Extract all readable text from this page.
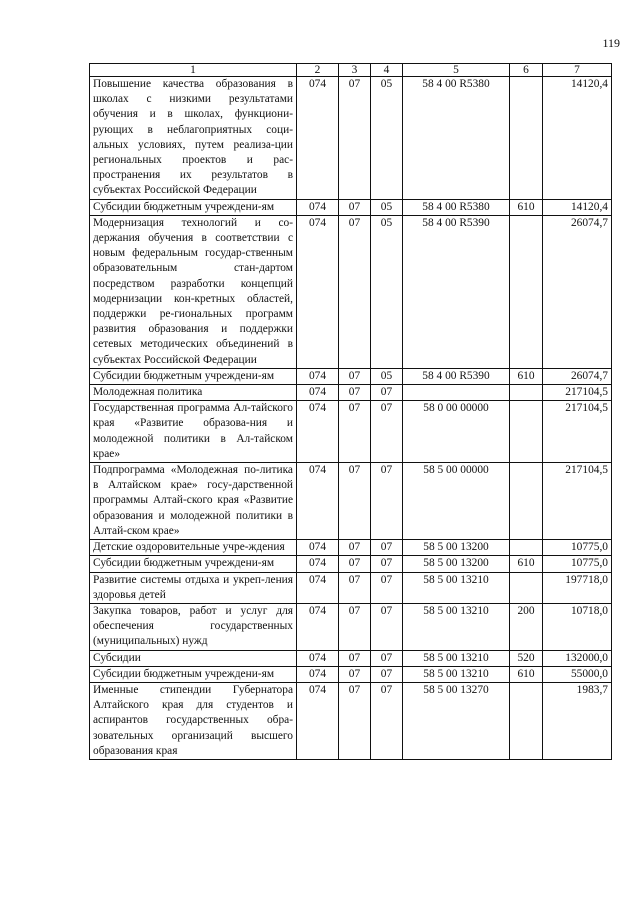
119
1	2	3	4	5	6	7
Повышение качества образования в школах с низкими результатами обучения и в школах, функциони-рующих в неблагоприятных соци-альных условиях, путем реализа-ции региональных проектов и рас-пространения их результатов в субъектах Российской Федерации	074	07	05	58 4 00 R5380		14120,4
Субсидии бюджетным учреждени-ям	074	07	05	58 4 00 R5380	610	14120,4
Модернизация технологий и со-держания обучения в соответствии с новым федеральным государ-ственным образовательным стан-дартом посредством разработки концепций модернизации кон-кретных областей, поддержки ре-гиональных программ развития образования и поддержки сетевых методических объединений в субъектах Российской Федерации	074	07	05	58 4 00 R5390		26074,7
Субсидии бюджетным учреждени-ям	074	07	05	58 4 00 R5390	610	26074,7
Молодежная политика	074	07	07			217104,5
Государственная программа Ал-тайского края «Развитие образова-ния и молодежной политики в Ал-тайском крае»	074	07	07	58 0 00 00000		217104,5
Подпрограмма «Молодежная по-литика в Алтайском крае» госу-дарственной программы Алтай-ского края «Развитие образования и молодежной политики в Алтай-ском крае»	074	07	07	58 5 00 00000		217104,5
Детские оздоровительные учре-ждения	074	07	07	58 5 00 13200		10775,0
Субсидии бюджетным учреждени-ям	074	07	07	58 5 00 13200	610	10775,0
Развитие системы отдыха и укреп-ления здоровья детей	074	07	07	58 5 00 13210		197718,0
Закупка товаров, работ и услуг для обеспечения государственных (муниципальных) нужд	074	07	07	58 5 00 13210	200	10718,0
Субсидии	074	07	07	58 5 00 13210	520	132000,0
Субсидии бюджетным учреждени-ям	074	07	07	58 5 00 13210	610	55000,0
Именные стипендии Губернатора Алтайского края для студентов и аспирантов государственных обра-зовательных организаций высшего образования края	074	07	07	58 5 00 13270		1983,7
